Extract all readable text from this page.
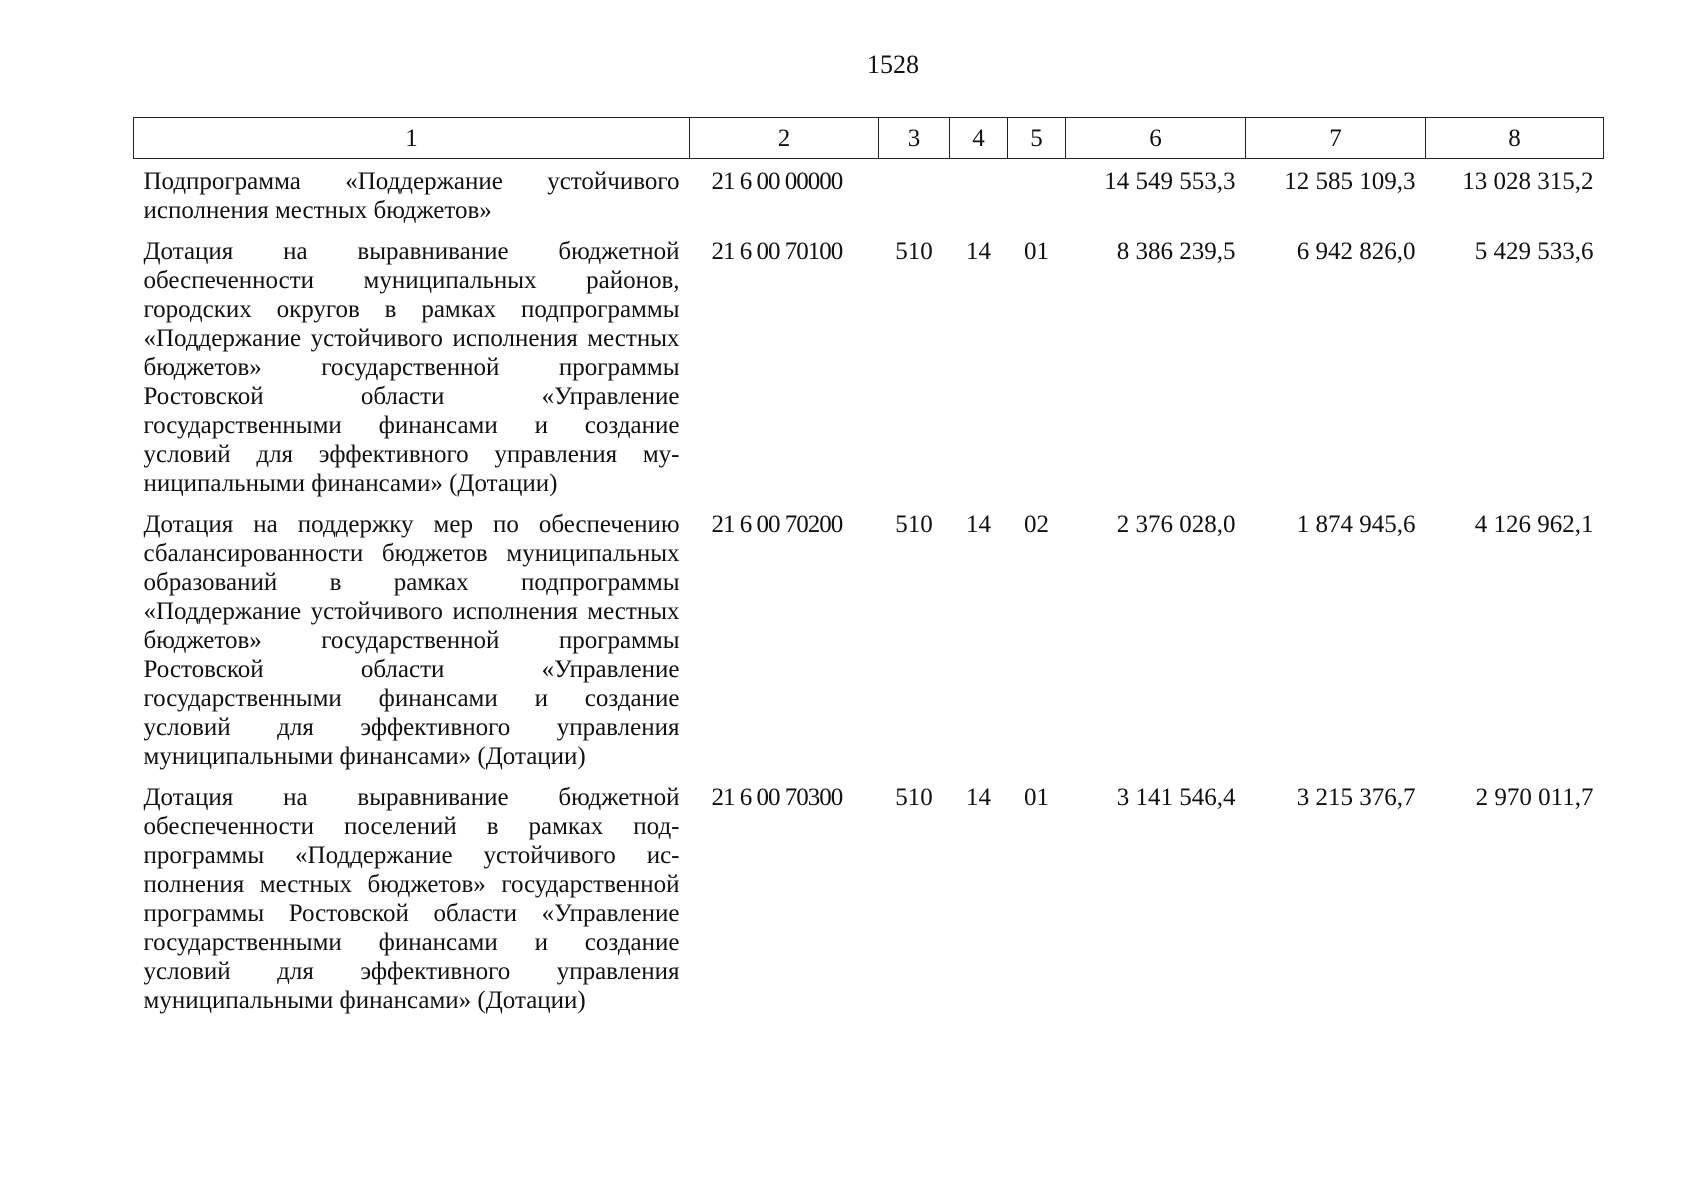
1528
1	2	3	4	5	6	7	8
Подпрограмма «Поддержание устойчивого исполнения местных бюджетов»	21 6 00 00000				14 549 553,3	12 585 109,3	13 028 315,2
Дотация на выравнивание бюджетной обеспеченности муниципальных районов, городских округов в рамках подпрограммы «Поддержание устойчивого исполнения местных бюджетов» государственной программы Ростовской области «Управление государственными финансами и создание условий для эффективного управления муниципальными финансами» (Дотации)	21 6 00 70100	510	14	01	8 386 239,5	6 942 826,0	5 429 533,6
Дотация на поддержку мер по обеспечению сбалансированности бюджетов муниципальных образований в рамках подпрограммы «Поддержание устойчивого исполнения местных бюджетов» государственной программы Ростовской области «Управление государственными финансами и создание условий для эффективного управления муниципальными финансами» (Дотации)	21 6 00 70200	510	14	02	2 376 028,0	1 874 945,6	4 126 962,1
Дотация на выравнивание бюджетной обеспеченности поселений в рамках подпрограммы «Поддержание устойчивого исполнения местных бюджетов» государственной программы Ростовской области «Управление государственными финансами и создание условий для эффективного управления муниципальными финансами» (Дотации)	21 6 00 70300	510	14	01	3 141 546,4	3 215 376,7	2 970 011,7
